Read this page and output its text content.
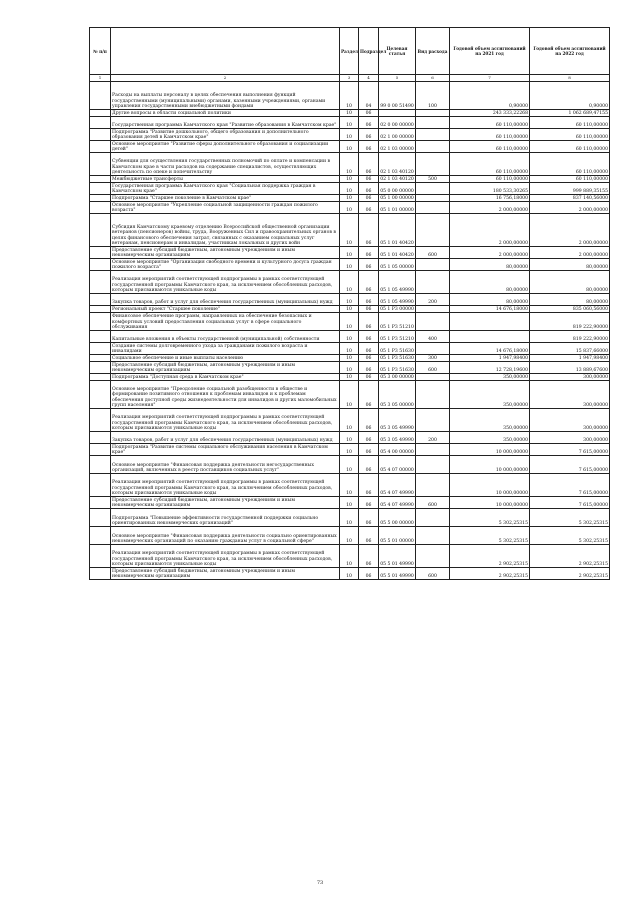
№ п/п		Раздел	Подраздел	Целевая статья	Вид расхода	Годовой объем ассигнований на 2021 год	Годовой объем ассигнований на 2022 год
1	2	3	4	5	6	7	8
	Расходы на выплаты персоналу в целях обеспечения выполнения функций государственными (муниципальными) органами, казенными учреждениями, органами управления государственными внебюджетными фондами	10	04	99 0 00 51490	100	0,90000	0,90000
	Другие вопросы в области социальной политики	10	06			243 333,22268	1 062 689,47155
	Государственная программа Камчатского края "Развитие образования в Камчатском крае"	10	06	02 0 00 00000		60 110,00000	60 110,00000
	Подпрограмма "Развитие дошкольного, общего образования и дополнительного образования детей в Камчатском крае"	10	06	02 1 00 00000		60 110,00000	60 110,00000
	Основное мероприятие "Развитие сферы дополнительного образования и социализации детей"	10	06	02 1 03 00000		60 110,00000	60 110,00000
	Субвенции для осуществления государственных полномочий по оплате и компенсации в Камчатском крае в части расходов на содержание специалистов, осуществляющих деятельность по опеке и попечительству	10	06	02 1 03 40120		60 110,00000	60 110,00000
	Межбюджетные трансферты	10	06	02 1 03 40120	500	60 110,00000	60 110,00000
	Государственная программа Камчатского края "Социальная поддержка граждан в Камчатском крае"	10	06	05 0 00 00000		180 533,30265	999 889,35155
	Подпрограмма "Старшее поколение в Камчатском крае"	10	06	05 1 00 00000		16 756,18000	837 140,56000
	Основное мероприятие "Укрепление социальной защищенности граждан пожилого возраста"	10	06	05 1 01 00000		2 000,00000	2 000,00000
	Субсидия Камчатскому краевому отделению Всероссийской общественной организации ветеранов (пенсионеров) войны, труда, Вооруженных Сил и правоохранительных органов в целях финансового обеспечения затрат, связанных с оказанием социальных услуг ветеранам, пенсионерам и инвалидам, участникам локальных и других войн	10	06	05 1 01 40420		2 000,00000	2 000,00000
	Предоставление субсидий бюджетным, автономным учреждениям и иным некоммерческим организациям	10	06	05 1 01 40420	600	2 000,00000	2 000,00000
	Основное мероприятие "Организация свободного времени и культурного досуга граждан пожилого возраста"	10	06	05 1 05 00000		80,00000	80,00000
	Реализация мероприятий соответствующей подпрограммы в рамках соответствующей государственной программы Камчатского края, за исключением обособленных расходов, которым присваиваются уникальные коды	10	06	05 1 05 49990		80,00000	80,00000
	Закупка товаров, работ и услуг для обеспечения государственных (муниципальных) нужд	10	06	05 1 05 49990	200	80,00000	80,00000
	Региональный проект "Старшее поколение"	10	06	05 1 P3 00000		14 676,18000	835 060,56000
	Финансовое обеспечение программ, направленных на обеспечение безопасных и комфортных условий предоставления социальных услуг в сфере социального обслуживания	10	06	05 1 P3 51210			819 222,90000
	Капитальные вложения в объекты государственной (муниципальной) собственности	10	06	05 1 P3 51210	400		819 222,90000
	Создание системы долговременного ухода за гражданами пожилого возраста и инвалидами	10	06	05 1 P3 51630		14 676,18000	15 837,66000
	Социальное обеспечение и иные выплаты населению	10	06	05 1 P3 51630	300	1 947,98400	1 947,98400
	Предоставление субсидий бюджетным, автономным учреждениям и иным некоммерческим организациям	10	06	05 1 P3 51630	600	12 728,19600	13 889,67600
	Подпрограмма "Доступная среда в Камчатском крае"	10	06	05 3 00 00000		350,00000	300,00000
	Основное мероприятие "Преодоление социальной разобщенности в обществе и формирование позитивного отношения к проблемам инвалидов и к проблемам обеспечения доступной среды жизнедеятельности для инвалидов и других маломобильных групп населения"	10	06	05 3 05 00000		350,00000	300,00000
	Реализация мероприятий соответствующей подпрограммы в рамках соответствующей государственной программы Камчатского края, за исключением обособленных расходов, которым присваиваются уникальные коды	10	06	05 3 05 49990		350,00000	300,00000
	Закупка товаров, работ и услуг для обеспечения государственных (муниципальных) нужд	10	06	05 3 05 49990	200	350,00000	300,00000
	Подпрограмма "Развитие системы социального обслуживания населения в Камчатском крае"	10	06	05 4 00 00000		10 000,00000	7 615,00000
	Основное мероприятие "Финансовая поддержка деятельности негосударственных организаций, включенных в реестр поставщиков социальных услуг"	10	06	05 4 07 00000		10 000,00000	7 615,00000
	Реализация мероприятий соответствующей подпрограммы в рамках соответствующей государственной программы Камчатского края, за исключением обособленных расходов, которым присваиваются уникальные коды	10	06	05 4 07 49990		10 000,00000	7 615,00000
	Предоставление субсидий бюджетным, автономным учреждениям и иным некоммерческим организациям	10	06	05 4 07 49990	600	10 000,00000	7 615,00000
	Подпрограмма "Повышение эффективности государственной поддержки социально ориентированных некоммерческих организаций"	10	06	05 5 00 00000		5 302,25315	5 302,25315
	Основное мероприятие "Финансовая поддержка деятельности социально ориентированных некоммерческих организаций по оказанию гражданам услуг в социальной сфере"	10	06	05 5 01 00000		5 302,25315	5 302,25315
	Реализация мероприятий соответствующей подпрограммы в рамках соответствующей государственной программы Камчатского края, за исключением обособленных расходов, которым присваиваются уникальные коды	10	06	05 5 01 49990		2 902,25315	2 902,25315
	Предоставление субсидий бюджетным, автономным учреждениям и иным некоммерческим организациям	10	06	05 5 01 49990	600	2 902,25315	2 902,25315
73
